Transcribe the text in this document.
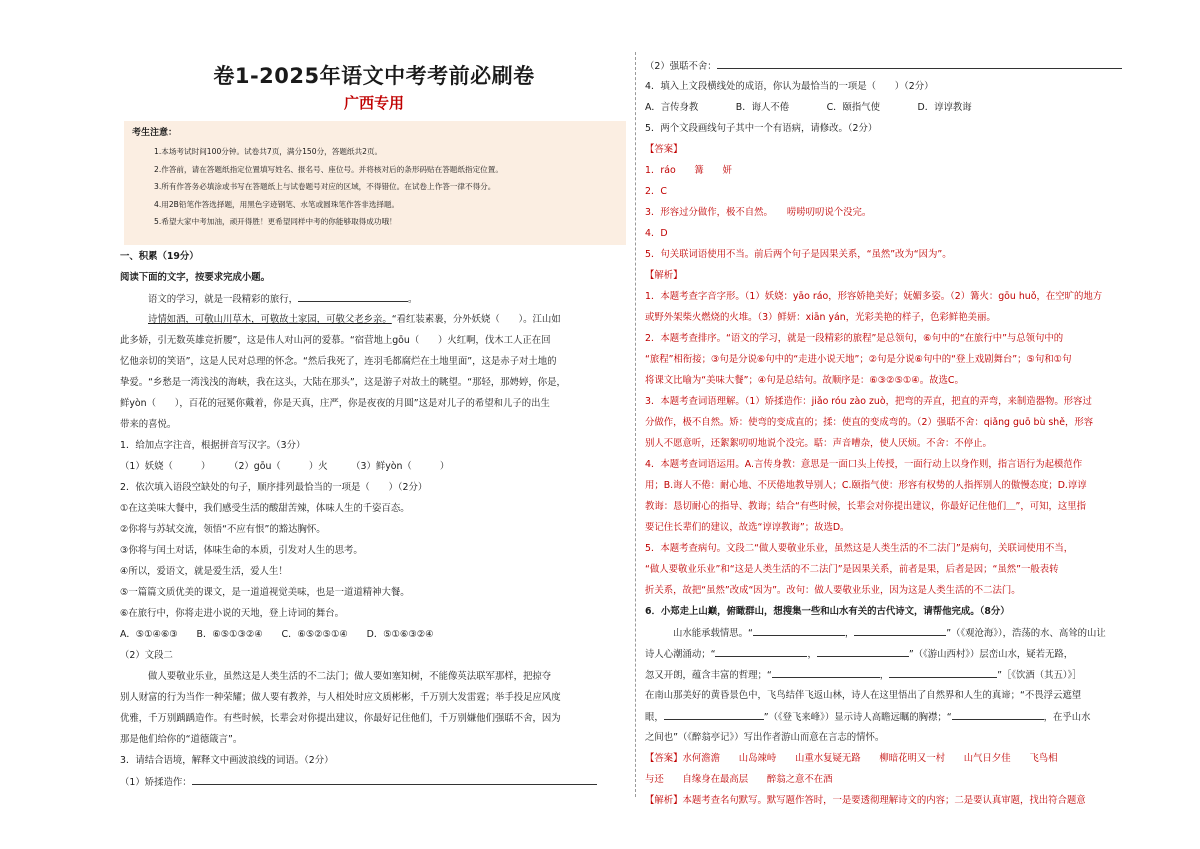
卷1-2025年语文中考考前必刷卷
广西专用
考生注意：
1.本场考试时间100分钟。试卷共7页，满分150分，答题纸共2页。
2.作答前，请在答题纸指定位置填写姓名、报名号、座位号。并将核对后的条形码贴在答题纸指定位置。
3.所有作答务必填涂或书写在答题纸上与试卷题号对应的区域，不得错位。在试卷上作答一律不得分。
4.用2B铅笔作答选择题，用黑色字迹钢笔、水笔或圆珠笔作答非选择题。
5.希望大家中考加油，顽开得胜！更希望同样中考的你能够取得成功哦！
一、积累（19分）
阅读下面的文字，按要求完成小题。
语文的学习，就是一段精彩的旅行，	。
诗情如酒，可敬山川草木，可敬故土家园，可敬父老乡亲。“看红装素裹，分外妖娆（　　）。江山如
此多娇，引无数英雄竞折腰”，这是伟人对山河的爱慕。“宿营地上gōu（　　）火红啊，伐木工人正在回
忆他亲切的笑语”，这是人民对总理的怀念。“然后我死了，连羽毛都腐烂在土地里面”，这是赤子对土地的
挚爱。“乡愁是一湾浅浅的海峡，我在这头，大陆在那头”，这是游子对故土的眺望。“那轻，那娉婷，你是，
鲜yòn（　　），百花的冠冕你戴着，你是天真，庄严，你是夜夜的月圆”这是对儿子的希望和儿子的出生
带来的喜悦。
1．给加点字注音，根据拼音写汉字。（3分）
（1）妖娆（　　　）　　　（2）gōu（　　　）火　　　（3）鲜yòn（　　　）
2．依次填入语段空缺处的句子，顺序排列最恰当的一项是（　　）（2分）
①在这美味大餐中，我们感受生活的酸甜苦辣，体味人生的千姿百态。
②你将与苏轼交流，领悟“不应有恨”的豁达胸怀。
③你将与闰土对话，体味生命的本质，引发对人生的思考。
④所以，爱语文，就是爱生活，爱人生！
⑤一篇篇文质优美的课文，是一道道视觉美味，也是一道道精神大餐。
⑥在旅行中，你将走进小说的天地，登上诗词的舞台。
A．⑤①④⑥③　　B．⑥⑤①③②④　　C．⑥⑤②⑤①④　　D．⑤①⑥③②④
（2）文段二
做人要敬业乐业，虽然这是人类生活的不二法门；做人要如塞知树，不能像英法联军那样，把掠夺
别人财富的行为当作一种荣耀；做人要有教养，与人相处时应文质彬彬，千万别大发雷霆；举手投足应风度
优雅，千万别踽踽造作。有些时候，长辈会对你提出建议，你最好记住他们，千万别嫌他们强聒不舍，因为
那是他们给你的“道德箴言”。
3．请结合语境，解释文中画波浪线的词语。（2分）
（1）矫揉造作：
（2）强聒不舍：
4．填入上文段横线处的成语，你认为最恰当的一项是（　　）（2分）
A．言传身教　　　　B．诲人不倦　　　　C．颐指气使　　　　D．谆谆教诲
5．两个文段画线句子其中一个有语病，请修改。（2分）
【答案】
1．ráo　　篝　　妍
2．C
3．形容过分做作，极不自然。　　唠唠叨叨说个没完。
4．D
5．句关联词语使用不当。前后两个句子是因果关系，“虽然”改为“因为”。
【解析】
1．本题考查字音字形。（1）妖娆：yāo ráo，形容娇艳美好；妩媚多姿。（2）篝火：gōu huǒ，在空旷的地方
或野外架柴火燃烧的火堆。（3）鲜妍：xiān yán，光彩美艳的样子，色彩鲜艳美丽。
2．本题考查排序。“语文的学习，就是一段精彩的旅程”是总领句，⑥句中的“在旅行中”与总领句中的
“旅程”相衔接；③句是分说⑥句中的“走进小说天地”；②句是分说⑥句中的“登上戏剧舞台”；⑤句和①句
将课文比喻为“美味大餐”；④句是总结句。故顺序是：⑥③②⑤①④。故选C。
3．本题考查词语理解。（1）矫揉造作：jiǎo róu zào zuò，把弯的弄直，把直的弄弯，来制造器物。形容过
分做作，极不自然。矫：使弯的变成直的；揉：使直的变成弯的。（2）强聒不舍：qiǎng guō bù shě，形容
别人不愿意听，还絮絮叨叨地说个没完。聒：声音嘈杂，使人厌烦。不舍：不停止。
4．本题考查词语运用。A.言传身教：意思是一面口头上传授，一面行动上以身作则，指言语行为起模范作
用；B.诲人不倦：耐心地、不厌倦地教导别人；C.颐指气使：形容有权势的人指挥别人的傲慢态度；D.谆谆
教诲：恳切耐心的指导、教诲；结合“有些时候，长辈会对你提出建议，你最好记住他们＿”，可知，这里指
要记住长辈们的建议，故选“谆谆教诲”；故选D。
5．本题考查病句。文段二“做人要敬业乐业，虽然这是人类生活的不二法门”是病句，关联词使用不当，
“做人要敬业乐业”和“这是人类生活的不二法门”是因果关系，前者是果，后者是因；“虽然”一般表转
折关系，故把“虽然”改成“因为”。改句：做人要敬业乐业，因为这是人类生活的不二法门。
6．小郑走上山巅，俯瞰群山，想搜集一些和山水有关的古代诗文，请帮他完成。（8分）
山水能承载情思。“	，	”（《观沧海》），浩荡的水、高耸的山让
诗人心潮涌动；“	，	”（《游山西村》）层峦山水，疑若无路，
忽又开朗，蕴含丰富的哲理；“	，	”［《饮酒（其五）》］
在南山那美好的黄昏景色中，飞鸟结伴飞返山林，诗人在这里悟出了自然界和人生的真谛；“不畏浮云遮望
眼，	”（《登飞来峰》）显示诗人高瞻远瞩的胸襟；“	，在乎山水
之间也”（《醉翁亭记》）写出作者游山而意在言志的情怀。
【答案】水何澹澹　　山岛竦峙　　山重水复疑无路　　柳暗花明又一村　　山气日夕佳　　飞鸟相
与还　　自缘身在最高层　　醉翁之意不在酒
【解析】本题考查名句默写。默写题作答时，一是要透彻理解诗文的内容；二是要认真审题，找出符合题意
